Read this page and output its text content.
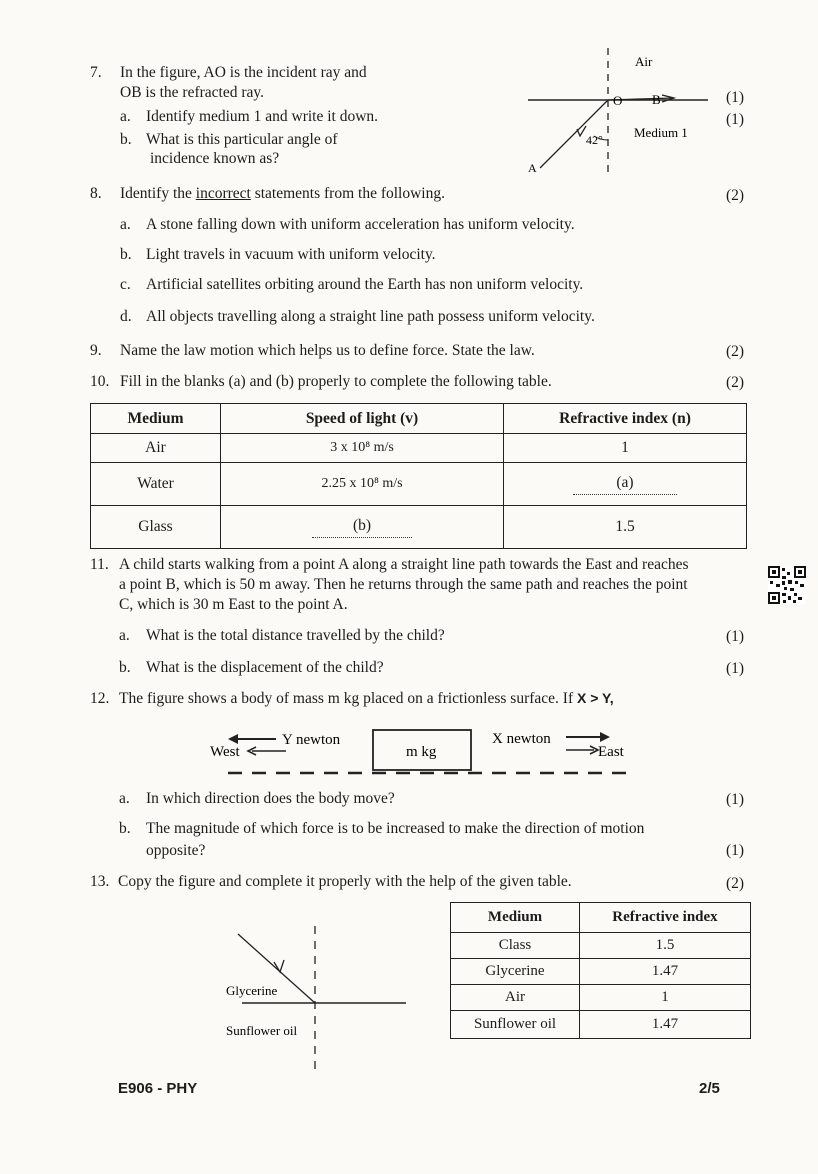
7. In the figure, AO is the incident ray and
OB is the refracted ray.
a. Identify medium 1 and write it down.
(1)
b. What is this particular angle of
incidence known as?
(1)
Air
O B
Medium 1
42°
A
8. Identify the incorrect statements from the following.	(2)
a. A stone falling down with uniform acceleration has uniform velocity.
b. Light travels in vacuum with uniform velocity.
c. Artificial satellites orbiting around the Earth has non uniform velocity.
d. All objects travelling along a straight line path possess uniform velocity.
9. Name the law motion which helps us to define force. State the law.	(2)
10. Fill in the blanks (a) and (b) properly to complete the following table.	(2)
Medium	Speed of light (v)	Refractive index (n)
Air	3 x 10⁸ m/s	1
Water	2.25 x 10⁸ m/s	(a)
Glass	(b)	1.5
11. A child starts walking from a point A along a straight line path towards the East and reaches
a point B, which is 50 m away. Then he returns through the same path and reaches the point
C, which is 30 m East to the point A.
a. What is the total distance travelled by the child?	(1)
b. What is the displacement of the child?	(1)
12. The figure shows a body of mass m kg placed on a frictionless surface. If X > Y,
Y newton	X newton
West	East
m kg
a. In which direction does the body move?	(1)
b. The magnitude of which force is to be increased to make the direction of motion
opposite?	(1)
13. Copy the figure and complete it properly with the help of the given table.	(2)
Glycerine
Sunflower oil
Medium	Refractive index
Class	1.5
Glycerine	1.47
Air	1
Sunflower oil	1.47
E906 - PHY	2/5
